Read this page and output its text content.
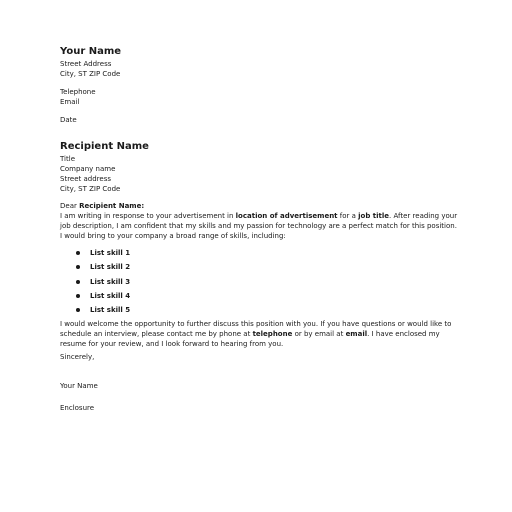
Your Name
Street Address
City, ST ZIP Code
Telephone
Email
Date
Recipient Name
Title
Company name
Street address
City, ST ZIP Code
Dear Recipient Name:
I am writing in response to your advertisement in location of advertisement for a job title. After reading your job description, I am confident that my skills and my passion for technology are a perfect match for this position. I would bring to your company a broad range of skills, including:
List skill 1
List skill 2
List skill 3
List skill 4
List skill 5
I would welcome the opportunity to further discuss this position with you. If you have questions or would like to schedule an interview, please contact me by phone at telephone or by email at email. I have enclosed my resume for your review, and I look forward to hearing from you.
Sincerely,
Your Name
Enclosure
